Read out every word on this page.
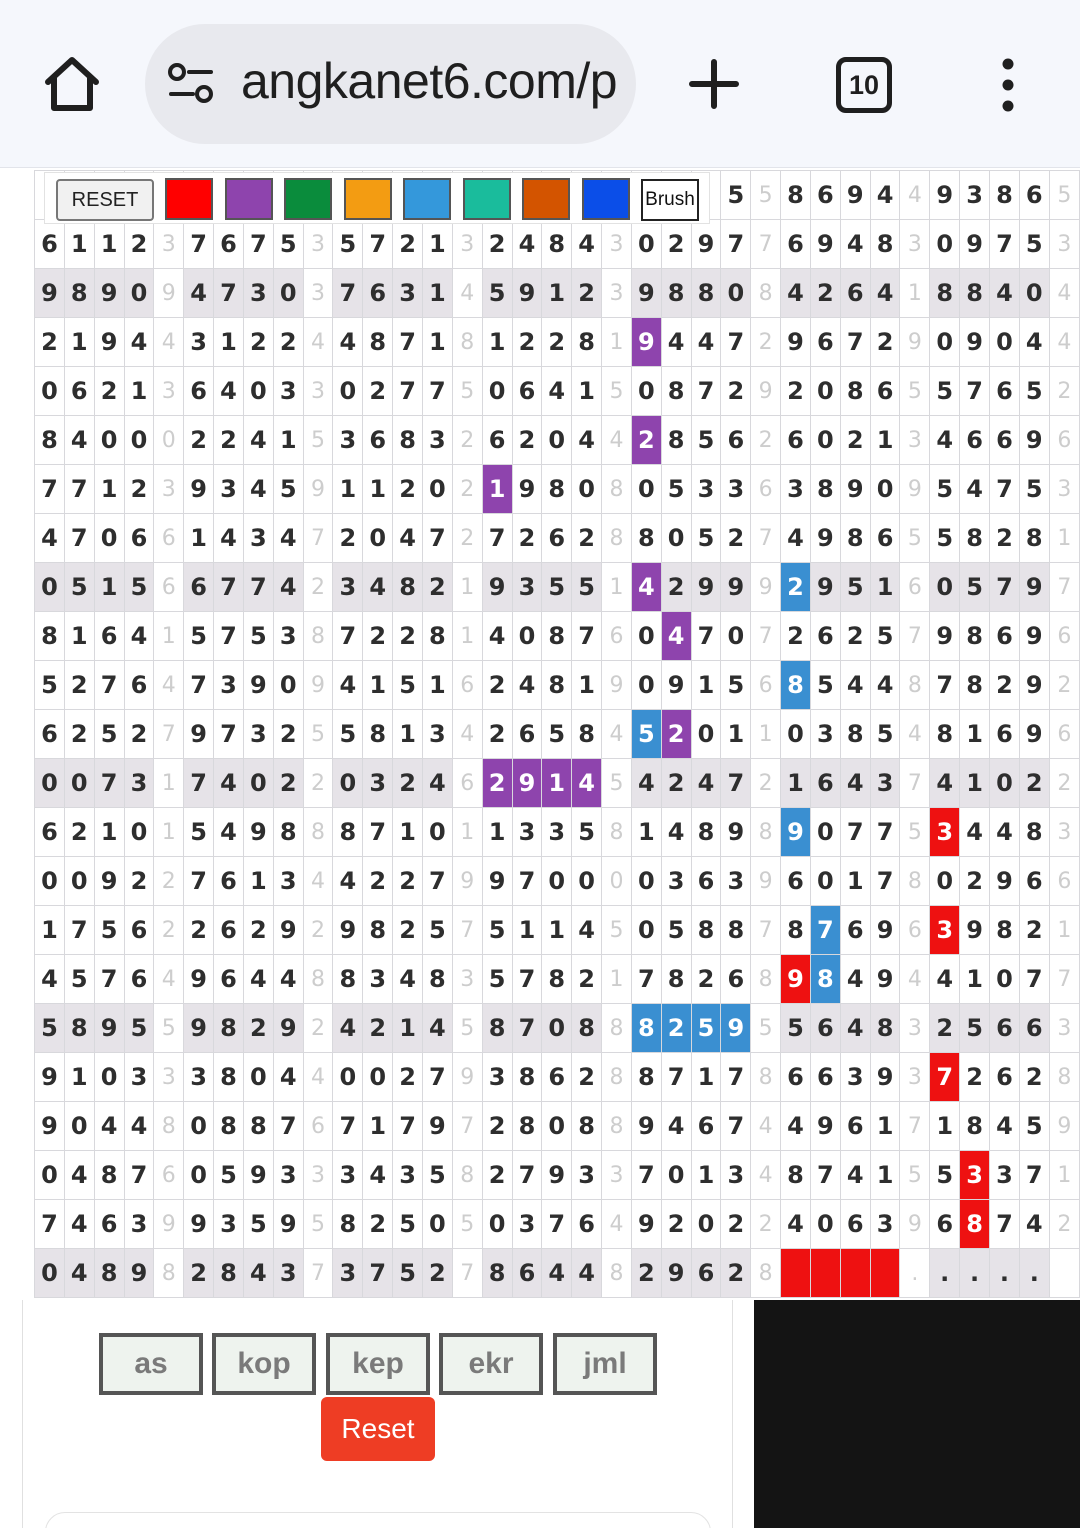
angkanet6.com/p	10
																							5	5	8	6	9	4	4	9	3	8	6	5
6	1	1	2	3	7	6	7	5	3	5	7	2	1	3	2	4	8	4	3	0	2	9	7	7	6	9	4	8	3	0	9	7	5	3
9	8	9	0	9	4	7	3	0	3	7	6	3	1	4	5	9	1	2	3	9	8	8	0	8	4	2	6	4	1	8	8	4	0	4
2	1	9	4	4	3	1	2	2	4	4	8	7	1	8	1	2	2	8	1	9	4	4	7	2	9	6	7	2	9	0	9	0	4	4
0	6	2	1	3	6	4	0	3	3	0	2	7	7	5	0	6	4	1	5	0	8	7	2	9	2	0	8	6	5	5	7	6	5	2
8	4	0	0	0	2	2	4	1	5	3	6	8	3	2	6	2	0	4	4	2	8	5	6	2	6	0	2	1	3	4	6	6	9	6
7	7	1	2	3	9	3	4	5	9	1	1	2	0	2	1	9	8	0	8	0	5	3	3	6	3	8	9	0	9	5	4	7	5	3
4	7	0	6	6	1	4	3	4	7	2	0	4	7	2	7	2	6	2	8	8	0	5	2	7	4	9	8	6	5	5	8	2	8	1
0	5	1	5	6	6	7	7	4	2	3	4	8	2	1	9	3	5	5	1	4	2	9	9	9	2	9	5	1	6	0	5	7	9	7
8	1	6	4	1	5	7	5	3	8	7	2	2	8	1	4	0	8	7	6	0	4	7	0	7	2	6	2	5	7	9	8	6	9	6
5	2	7	6	4	7	3	9	0	9	4	1	5	1	6	2	4	8	1	9	0	9	1	5	6	8	5	4	4	8	7	8	2	9	2
6	2	5	2	7	9	7	3	2	5	5	8	1	3	4	2	6	5	8	4	5	2	0	1	1	0	3	8	5	4	8	1	6	9	6
0	0	7	3	1	7	4	0	2	2	0	3	2	4	6	2	9	1	4	5	4	2	4	7	2	1	6	4	3	7	4	1	0	2	2
6	2	1	0	1	5	4	9	8	8	8	7	1	0	1	1	3	3	5	8	1	4	8	9	8	9	0	7	7	5	3	4	4	8	3
0	0	9	2	2	7	6	1	3	4	4	2	2	7	9	9	7	0	0	0	0	3	6	3	9	6	0	1	7	8	0	2	9	6	6
1	7	5	6	2	2	6	2	9	2	9	8	2	5	7	5	1	1	4	5	0	5	8	8	7	8	7	6	9	6	3	9	8	2	1
4	5	7	6	4	9	6	4	4	8	8	3	4	8	3	5	7	8	2	1	7	8	2	6	8	9	8	4	9	4	4	1	0	7	7
5	8	9	5	5	9	8	2	9	2	4	2	1	4	5	8	7	0	8	8	8	2	5	9	5	5	6	4	8	3	2	5	6	6	3
9	1	0	3	3	3	8	0	4	4	0	0	2	7	9	3	8	6	2	8	8	7	1	7	8	6	6	3	9	3	7	2	6	2	8
9	0	4	4	8	0	8	8	7	6	7	1	7	9	7	2	8	0	8	8	9	4	6	7	4	4	9	6	1	7	1	8	4	5	9
0	4	8	7	6	0	5	9	3	3	3	4	3	5	8	2	7	9	3	3	7	0	1	3	4	8	7	4	1	5	5	3	3	7	1
7	4	6	3	9	9	3	5	9	5	8	2	5	0	5	0	3	7	6	4	9	2	0	2	2	4	0	6	3	9	6	8	7	4	2
0	4	8	9	8	2	8	4	3	7	3	7	5	2	7	8	6	4	4	8	2	9	6	2	8					.	.	.	.	.	
RESET	Brush
as	kop	kep	ekr	jml
Reset
